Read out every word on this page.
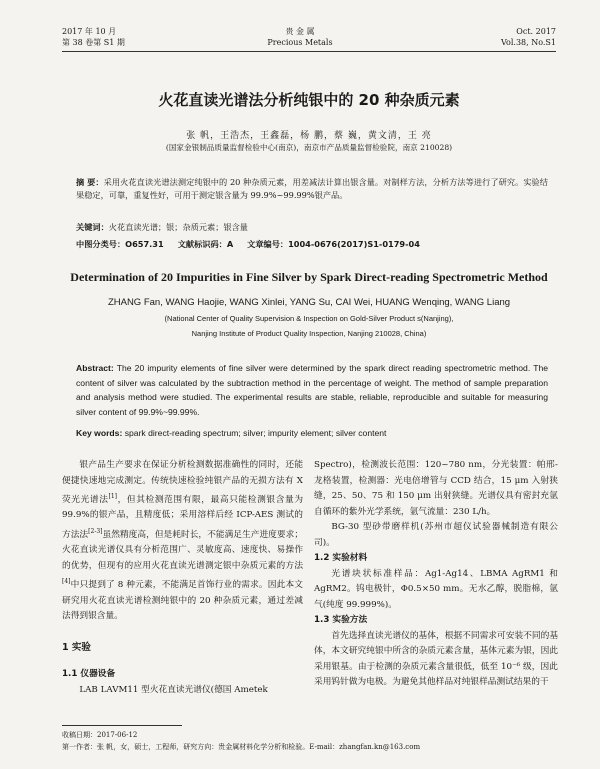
2017 年 10 月
第 38 卷第 S1 期
贵 金 属
Precious Metals
Oct. 2017
Vol.38, No.S1
火花直读光谱法分析纯银中的 20 种杂质元素
张 帆，王浩杰，王鑫磊，杨 鹏，蔡 巍，黄文清，王 亮
(国家金银制品质量监督检验中心(南京)，南京市产品质量监督检验院，南京 210028)
摘 要：采用火花直读光谱法测定纯银中的 20 种杂质元素，用差减法计算出银含量。对制样方法，分析方法等进行了研究。实验结果稳定，可靠，重复性好，可用于测定银含量为 99.9%~99.99%银产品。
关键词：火花直读光谱；银；杂质元素；银含量
中图分类号：O657.31 文献标识码：A 文章编号：1004-0676(2017)S1-0179-04
Determination of 20 Impurities in Fine Silver by Spark Direct-reading Spectrometric Method
ZHANG Fan, WANG Haojie, WANG Xinlei, YANG Su, CAI Wei, HUANG Wenqing, WANG Liang
(National Center of Quality Supervision & Inspection on Gold-Silver Product s(Nanjing),
Nanjing Institute of Product Quality Inspection, Nanjing 210028, China)
Abstract: The 20 impurity elements of fine silver were determined by the spark direct reading spectrometric method. The content of silver was calculated by the subtraction method in the percentage of weight. The method of sample preparation and analysis method were studied. The experimental results are stable, reliable, reproducible and suitable for measuring silver content of 99.9%~99.99%.
Key words: spark direct-reading spectrum; silver; impurity element; silver content

银产品生产要求在保证分析检测数据准确性的同时，还能便捷快速地完成测定。传统快速检验纯银产品的无损方法有 X 荧光光谱法[1]，但其检测范围有限，最高只能检测银含量为 99.9%的银产品，且精度低；采用溶样后经 ICP-AES 测试的方法法[2-3]虽然精度高，但是耗时长，不能满足生产进度要求；火花直读光谱仪具有分析范围广、灵敏度高、速度快、易操作的优势，但现有的应用火花直读光谱测定银中杂质元素的方法[4]中只提到了 8 种元素，不能满足首饰行业的需求。因此本文研究用火花直读光谱检测纯银中的 20 种杂质元素，通过差减法得到银含量。

1 实验

1.1 仪器设备

LAB LAVM11 型火花直读光谱仪(德国 Ametek

Spectro)，检测波长范围：120~780 nm，分光装置：帕邢-龙格装置，检测器：光电倍增管与 CCD 结合，15 μm 入射狭缝，25、50、75 和 150 μm 出射狭缝。光谱仪具有密封充氩自循环的紫外光学系统，氩气流量：230 L/h。

BG-30 型砂带磨样机(苏州市超仪试验器械制造有限公司)。

1.2 实验材料

光谱块状标准样品：Ag1-Ag14、LBMA AgRM1 和 AgRM2。钨电极针，Φ0.5×50 mm。无水乙醇，脱脂棉，氩气(纯度 99.999%)。

1.3 实验方法

首先选择直读光谱仪的基体，根据不同需求可安装不同的基体，本文研究纯银中所含的杂质元素含量，基体元素为银，因此采用银基。由于检测的杂质元素含量很低，低至 10⁻⁶ 级，因此采用钨针做为电极。为避免其他样品对纯银样品测试结果的干

收稿日期：2017-06-12
第一作者：张 帆，女，硕士，工程师，研究方向：贵金属材料化学分析和检验。E-mail：zhangfan.kn@163.com
